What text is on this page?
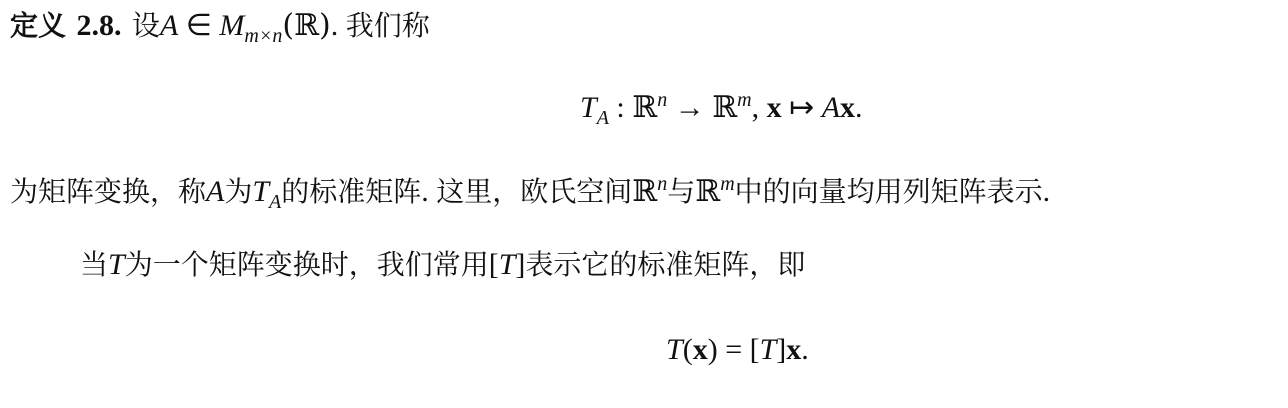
定义 2.8. 设A ∈ $M_{m\times n}(ℝ)$. 我们称
$T_A$ : ℝ$^n$ → ℝ$^m$, x ↦ Ax.
为矩阵变换，称A为$T_A$的标准矩阵. 这里，欧氏空间ℝ$^n$与ℝ$^m$中的向量均用列矩阵表示.
当T为一个矩阵变换时，我们常用[T]表示它的标准矩阵，即
T(x) = [T]x.
